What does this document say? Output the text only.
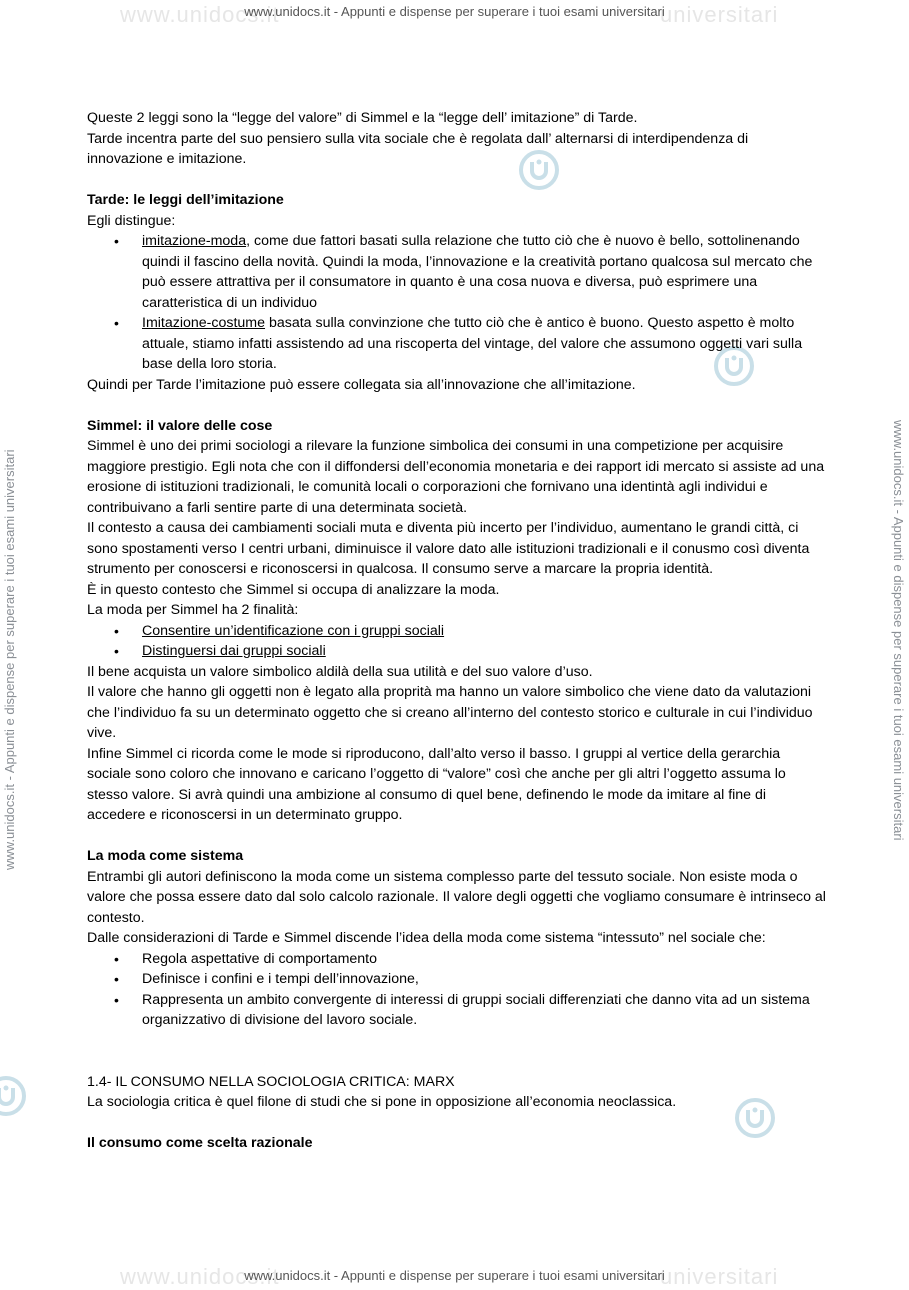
www.unidocs.it	universitari
www.unidocs.it	universitari
www.unidocs.it - Appunti e dispense per superare i tuoi esami universitari
www.unidocs.it - Appunti e dispense per superare i tuoi esami universitari
www.unidocs.it - Appunti e dispense per superare i tuoi esami universitari	www.unidocs.it - Appunti e dispense per superare i tuoi esami universitari

Queste 2 leggi sono la “legge del valore” di Simmel e la “legge dell’ imitazione” di Tarde.

Tarde incentra parte del suo pensiero sulla vita sociale che è regolata dall’ alternarsi di interdipendenza di innovazione e imitazione.

Tarde: le leggi dell’imitazione

Egli distingue:

• imitazione-moda, come due fattori basati sulla relazione che tutto ciò che è nuovo è bello, sottolinenando quindi il fascino della novità. Quindi la moda, l’innovazione e la creatività portano qualcosa sul mercato che può essere attrattiva per il consumatore in quanto è una cosa nuova e diversa, può esprimere una caratteristica di un individuo
• Imitazione-costume basata sulla convinzione che tutto ciò che è antico è buono. Questo aspetto è molto attuale, stiamo infatti assistendo ad una riscoperta del vintage, del valore che assumono oggetti vari sulla base della loro storia.

Quindi per Tarde l’imitazione può essere collegata sia all’innovazione che all’imitazione.

Simmel: il valore delle cose

Simmel è uno dei primi sociologi a rilevare la funzione simbolica dei consumi in una competizione per acquisire maggiore prestigio. Egli nota che con il diffondersi dell’economia monetaria e dei rapport idi mercato si assiste ad una erosione di istituzioni tradizionali, le comunità locali o corporazioni che fornivano una identintà agli individui e contribuivano a farli sentire parte di una determinata società.

Il contesto a causa dei cambiamenti sociali muta e diventa più incerto per l’individuo, aumentano le grandi città, ci sono spostamenti verso I centri urbani, diminuisce il valore dato alle istituzioni tradizionali e il conusmo così diventa strumento per conoscersi e riconoscersi in qualcosa. Il consumo serve a marcare la propria identità.

È in questo contesto che Simmel si occupa di analizzare la moda.

La moda per Simmel ha 2 finalità:

• Consentire un’identificazione con i gruppi sociali
• Distinguersi dai gruppi sociali

Il bene acquista un valore simbolico aldilà della sua utilità e del suo valore d’uso.

Il valore che hanno gli oggetti non è legato alla proprità ma hanno un valore simbolico che viene dato da valutazioni che l’individuo fa su un determinato oggetto che si creano all’interno del contesto storico e culturale in cui l’individuo vive.

Infine Simmel ci ricorda come le mode si riproducono, dall’alto verso il basso. I gruppi al vertice della gerarchia sociale sono coloro che innovano e caricano l’oggetto di “valore” così che anche per gli altri l’oggetto assuma lo stesso valore. Si avrà quindi una ambizione al consumo di quel bene, definendo le mode da imitare al fine di accedere e riconoscersi in un determinato gruppo.

La moda come sistema

Entrambi gli autori definiscono la moda come un sistema complesso parte del tessuto sociale. Non esiste moda o valore che possa essere dato dal solo calcolo razionale. Il valore degli oggetti che vogliamo consumare è intrinseco al contesto.

Dalle considerazioni di Tarde e Simmel discende l’idea della moda come sistema “intessuto” nel sociale che:

• Regola aspettative di comportamento
• Definisce i confini e i tempi dell’innovazione,
• Rappresenta un ambito convergente di interessi di gruppi sociali differenziati che danno vita ad un sistema organizzativo di divisione del lavoro sociale.

1.4- IL CONSUMO NELLA SOCIOLOGIA CRITICA: MARX

La sociologia critica è quel filone di studi che si pone in opposizione all’economia neoclassica.

Il consumo come scelta razionale
